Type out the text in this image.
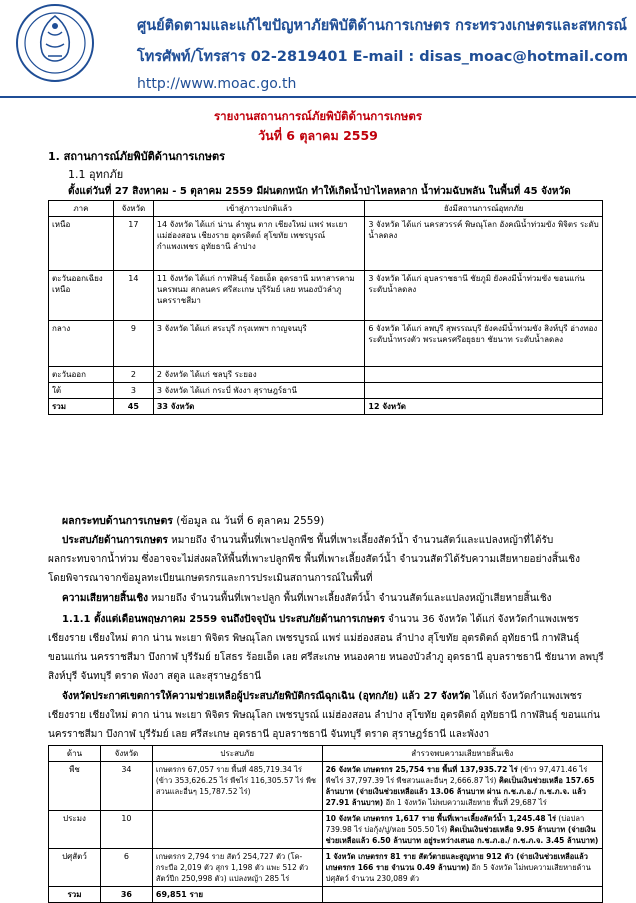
ศูนย์ติดตามและแก้ไขปัญหาภัยพิบัติด้านการเกษตร กระทรวงเกษตรและสหกรณ์
โทรศัพท์/โทรสาร 02-2819401 E-mail : disas_moac@hotmail.com
http://www.moac.go.th
รายงานสถานการณ์ภัยพิบัติด้านการเกษตร
วันที่ 6 ตุลาคม 2559
1. สถานการณ์ภัยพิบัติด้านการเกษตร
1.1 อุทกภัย
ตั้งแต่วันที่ 27 สิงหาคม - 5 ตุลาคม 2559 มีฝนตกหนัก ทำให้เกิดน้ำป่าไหลหลาก น้ำท่วมฉับพลัน ในพื้นที่ 45 จังหวัด
ภาค	จังหวัด	เข้าสู่ภาวะปกติแล้ว	ยังมีสถานการณ์อุทกภัย
เหนือ	17	14 จังหวัด ได้แก่ น่าน ลำพูน ตาก เชียงใหม่ แพร่ พะเยา แม่ฮ่องสอน เชียงราย อุตรดิตถ์ สุโขทัย เพชรบูรณ์ กำแพงเพชร อุทัยธานี ลำปาง	3 จังหวัด ได้แก่ นครสวรรค์ พิษณุโลก อังคณิน้ำท่วมขัง พิจิตร ระดับน้ำลดลง
ตะวันออกเฉียงเหนือ	14	11 จังหวัด ได้แก่ กาฬสินธุ์ ร้อยเอ็ด อุดรธานี มหาสารคาม นครพนม สกลนคร ศรีสะเกษ บุรีรัมย์ เลย หนองบัวลำภู นครราชสีมา	3 จังหวัด ได้แก่ อุบลราชธานี ชัยภูมิ ยังคงมีน้ำท่วมขัง ขอนแก่น ระดับน้ำลดลง
กลาง	9	3 จังหวัด ได้แก่ สระบุรี กรุงเทพฯ กาญจนบุรี	6 จังหวัด ได้แก่ ลพบุรี สุพรรณบุรี ยังคงมีน้ำท่วมขัง สิงห์บุรี อ่างทอง ระดับน้ำทรงตัว พระนครศรีอยุธยา ชัยนาท ระดับน้ำลดลง
ตะวันออก	2	2 จังหวัด ได้แก่ ชลบุรี ระยอง	
ใต้	3	3 จังหวัด ได้แก่ กระบี่ พังงา สุราษฎร์ธานี	
รวม	45	33 จังหวัด	12 จังหวัด
ผลกระทบด้านการเกษตร (ข้อมูล ณ วันที่ 6 ตุลาคม 2559)
ประสบภัยด้านการเกษตร หมายถึง จำนวนพื้นที่เพาะปลูกพืช พื้นที่เพาะเลี้ยงสัตว์น้ำ จำนวนสัตว์และแปลงหญ้าที่ได้รับ
ผลกระทบจากน้ำท่วม ซึ่งอาจจะไม่ส่งผลให้พื้นที่เพาะปลูกพืช พื้นที่เพาะเลี้ยงสัตว์น้ำ จำนวนสัตว์ได้รับความเสียหายอย่างสิ้นเชิง
โดยพิจารณาจากข้อมูลทะเบียนเกษตรกรและการประเมินสถานการณ์ในพื้นที่
ความเสียหายสิ้นเชิง หมายถึง จำนวนพื้นที่เพาะปลูก พื้นที่เพาะเลี้ยงสัตว์น้ำ จำนวนสัตว์และแปลงหญ้าเสียหายสิ้นเชิง
1.1.1 ตั้งแต่เดือนพฤษภาคม 2559 จนถึงปัจจุบัน ประสบภัยด้านการเกษตร จำนวน 36 จังหวัด ได้แก่ จังหวัดกำแพงเพชร
เชียงราย เชียงใหม่ ตาก น่าน พะเยา พิจิตร พิษณุโลก เพชรบูรณ์ แพร่ แม่ฮ่องสอน ลำปาง สุโขทัย อุตรดิตถ์ อุทัยธานี กาฬสินธุ์
ขอนแก่น นครราชสีมา บึงกาฬ บุรีรัมย์ ยโสธร ร้อยเอ็ด เลย ศรีสะเกษ หนองคาย หนองบัวลำภู อุดรธานี อุบลราชธานี ชัยนาท ลพบุรี
สิงห์บุรี จันทบุรี ตราด พังงา สตูล และสุราษฎร์ธานี
จังหวัดประกาศเขตการให้ความช่วยเหลือผู้ประสบภัยพิบัติกรณีฉุกเฉิน (อุทกภัย) แล้ว 27 จังหวัด ได้แก่ จังหวัดกำแพงเพชร
เชียงราย เชียงใหม่ ตาก น่าน พะเยา พิจิตร พิษณุโลก เพชรบูรณ์ แม่ฮ่องสอน ลำปาง สุโขทัย อุตรดิตถ์ อุทัยธานี กาฬสินธุ์ ขอนแก่น
นครราชสีมา บึงกาฬ บุรีรัมย์ เลย ศรีสะเกษ อุดรธานี อุบลราชธานี จันทบุรี ตราด สุราษฎร์ธานี และพังงา
ด้าน	จังหวัด	ประสบภัย	สำรวจพบความเสียหายสิ้นเชิง
พืช	34	เกษตรกร 67,057 ราย พื้นที่ 485,719.34 ไร่ (ข้าว 353,626.25 ไร่ พืชไร่ 116,305.57 ไร่ พืชสวนและอื่นๆ 15,787.52 ไร่)	26 จังหวัด เกษตรกร 25,754 ราย พื้นที่ 137,935.72 ไร่ (ข้าว 97,471.46 ไร่ พืชไร่ 37,797.39 ไร่ พืชสวนและอื่นๆ 2,666.87 ไร่) คิดเป็นเงินช่วยเหลือ 157.65 ล้านบาท (จ่ายเงินช่วยเหลือแล้ว 13.06 ล้านบาท ผ่าน ก.ช.ภ.อ./ ก.ช.ภ.จ. แล้ว 27.91 ล้านบาท) อีก 1 จังหวัด ไม่พบความเสียหาย พื้นที่ 29,687 ไร่
ประมง	10		10 จังหวัด เกษตรกร 1,617 ราย พื้นที่เพาะเลี้ยงสัตว์น้ำ 1,245.48 ไร่ (บ่อปลา 739.98 ไร่ บ่อกุ้ง/ปู/หอย 505.50 ไร่) คิดเป็นเงินช่วยเหลือ 9.95 ล้านบาท (จ่ายเงินช่วยเหลือแล้ว 6.50 ล้านบาท อยู่ระหว่างเสนอ ก.ช.ภ.อ./ ก.ช.ภ.จ. 3.45 ล้านบาท)
ปศุสัตว์	6	เกษตรกร 2,794 ราย สัตว์ 254,727 ตัว (โค-กระบือ 2,019 ตัว สุกร 1,198 ตัว แพะ 512 ตัว สัตว์ปีก 250,998 ตัว) แปลงหญ้า 285 ไร่	1 จังหวัด เกษตรกร 81 ราย สัตว์ตายและสูญหาย 912 ตัว (จ่ายเงินช่วยเหลือแล้ว เกษตรกร 166 ราย จำนวน 0.49 ล้านบาท) อีก 5 จังหวัด ไม่พบความเสียหายด้านปศุสัตว์ จำนวน 230,089 ตัว
รวม	36	69,851 ราย	
